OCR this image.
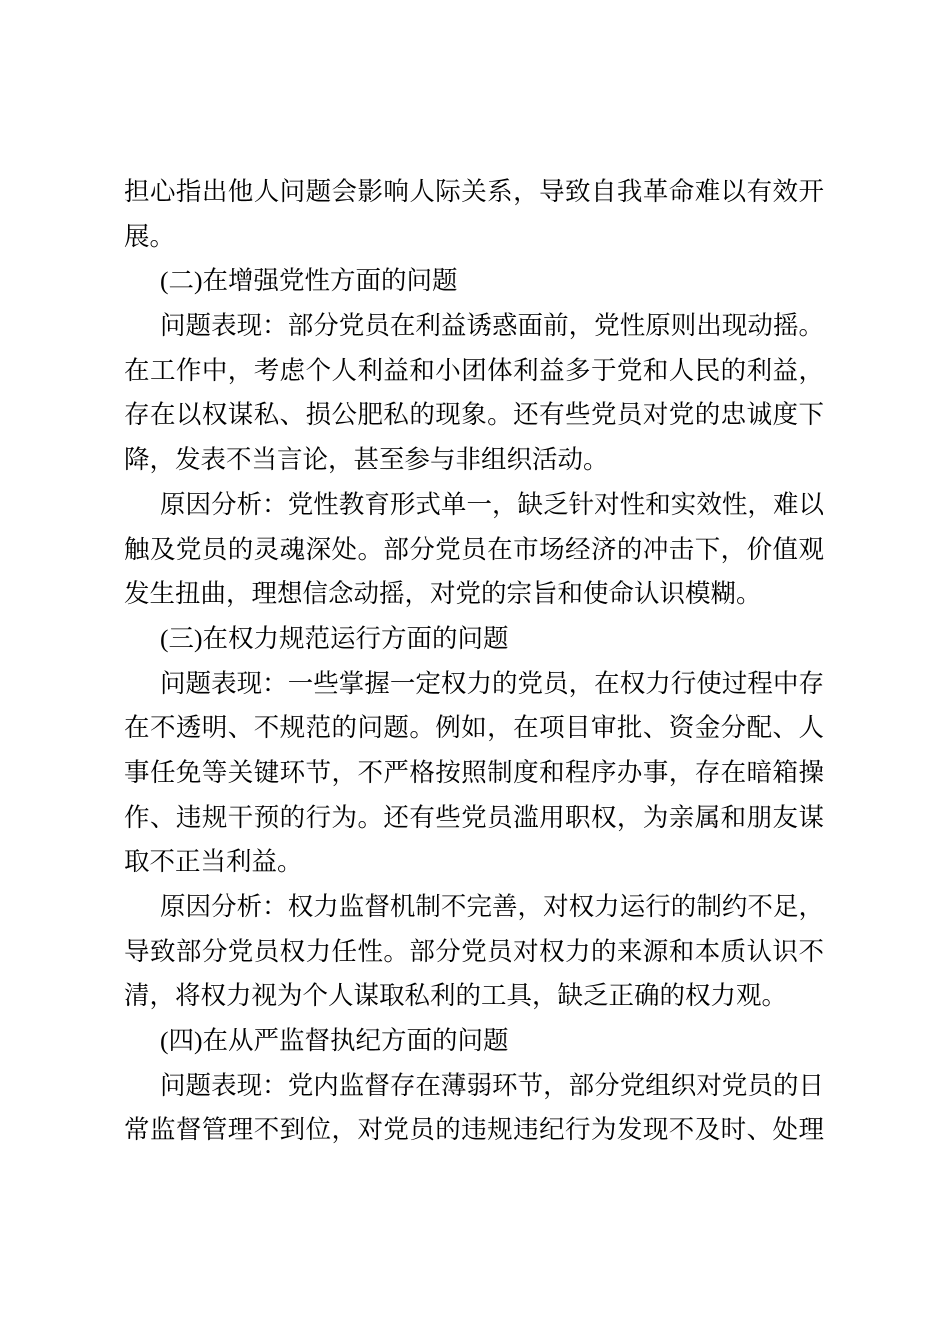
担心指出他人问题会影响人际关系，导致自我革命难以有效开
展。
(二)在增强党性方面的问题
问题表现：部分党员在利益诱惑面前，党性原则出现动摇。
在工作中，考虑个人利益和小团体利益多于党和人民的利益，
存在以权谋私、损公肥私的现象。还有些党员对党的忠诚度下
降，发表不当言论，甚至参与非组织活动。
原因分析：党性教育形式单一，缺乏针对性和实效性，难以
触及党员的灵魂深处。部分党员在市场经济的冲击下，价值观
发生扭曲，理想信念动摇，对党的宗旨和使命认识模糊。
(三)在权力规范运行方面的问题
问题表现：一些掌握一定权力的党员，在权力行使过程中存
在不透明、不规范的问题。例如，在项目审批、资金分配、人
事任免等关键环节，不严格按照制度和程序办事，存在暗箱操
作、违规干预的行为。还有些党员滥用职权，为亲属和朋友谋
取不正当利益。
原因分析：权力监督机制不完善，对权力运行的制约不足，
导致部分党员权力任性。部分党员对权力的来源和本质认识不
清，将权力视为个人谋取私利的工具，缺乏正确的权力观。
(四)在从严监督执纪方面的问题
问题表现：党内监督存在薄弱环节，部分党组织对党员的日
常监督管理不到位，对党员的违规违纪行为发现不及时、处理
